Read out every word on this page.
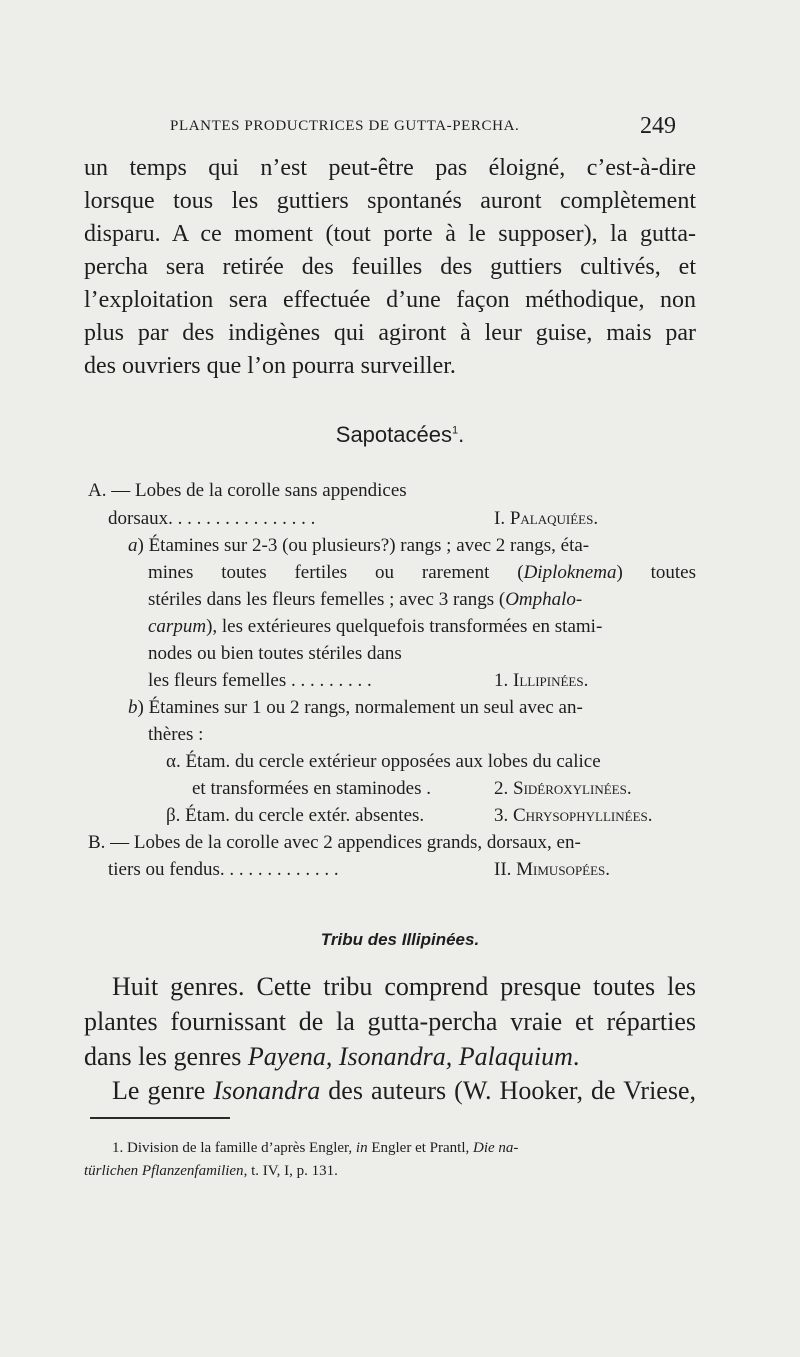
PLANTES PRODUCTRICES DE GUTTA-PERCHA.	249
un temps qui n’est peut-être pas éloigné, c’est-à-dire
lorsque tous les guttiers spontanés auront complètement
disparu. A ce moment (tout porte à le supposer), la gutta-
percha sera retirée des feuilles des guttiers cultivés, et
l’exploitation sera effectuée d’une façon méthodique, non
plus par des indigènes qui agiront à leur guise, mais par
des ouvriers que l’on pourra surveiller.
Sapotacées$^1$.
A. — Lobes de la corolle sans appendices
dorsaux. . . . . . . . . . . . . . . .	I. Palaquiées.
a) Étamines sur 2-3 (ou plusieurs?) rangs ; avec 2 rangs, éta-
mines toutes fertiles ou rarement (Diploknema) toutes
stériles dans les fleurs femelles ; avec 3 rangs (Omphalo-
carpum), les extérieures quelquefois transformées en stami-
nodes ou bien toutes stériles dans
les fleurs femelles . . . . . . . . .	1. Illipinées.
b) Étamines sur 1 ou 2 rangs, normalement un seul avec an-
thères :
α. Étam. du cercle extérieur opposées aux lobes du calice
et transformées en staminodes .	2. Sidéroxylinées.
β. Étam. du cercle extér. absentes.	3. Chrysophyllinées.
B. — Lobes de la corolle avec 2 appendices grands, dorsaux, en-
tiers ou fendus. . . . . . . . . . . . .	II. Mimusopées.
Tribu des Illipinées.
Huit genres. Cette tribu comprend presque toutes les
plantes fournissant de la gutta-percha vraie et réparties
dans les genres Payena, Isonandra, Palaquium.
Le genre Isonandra des auteurs (W. Hooker, de Vriese,
1. Division de la famille d’après Engler, in Engler et Prantl, Die na-
türlichen Pflanzenfamilien, t. IV, I, p. 131.
